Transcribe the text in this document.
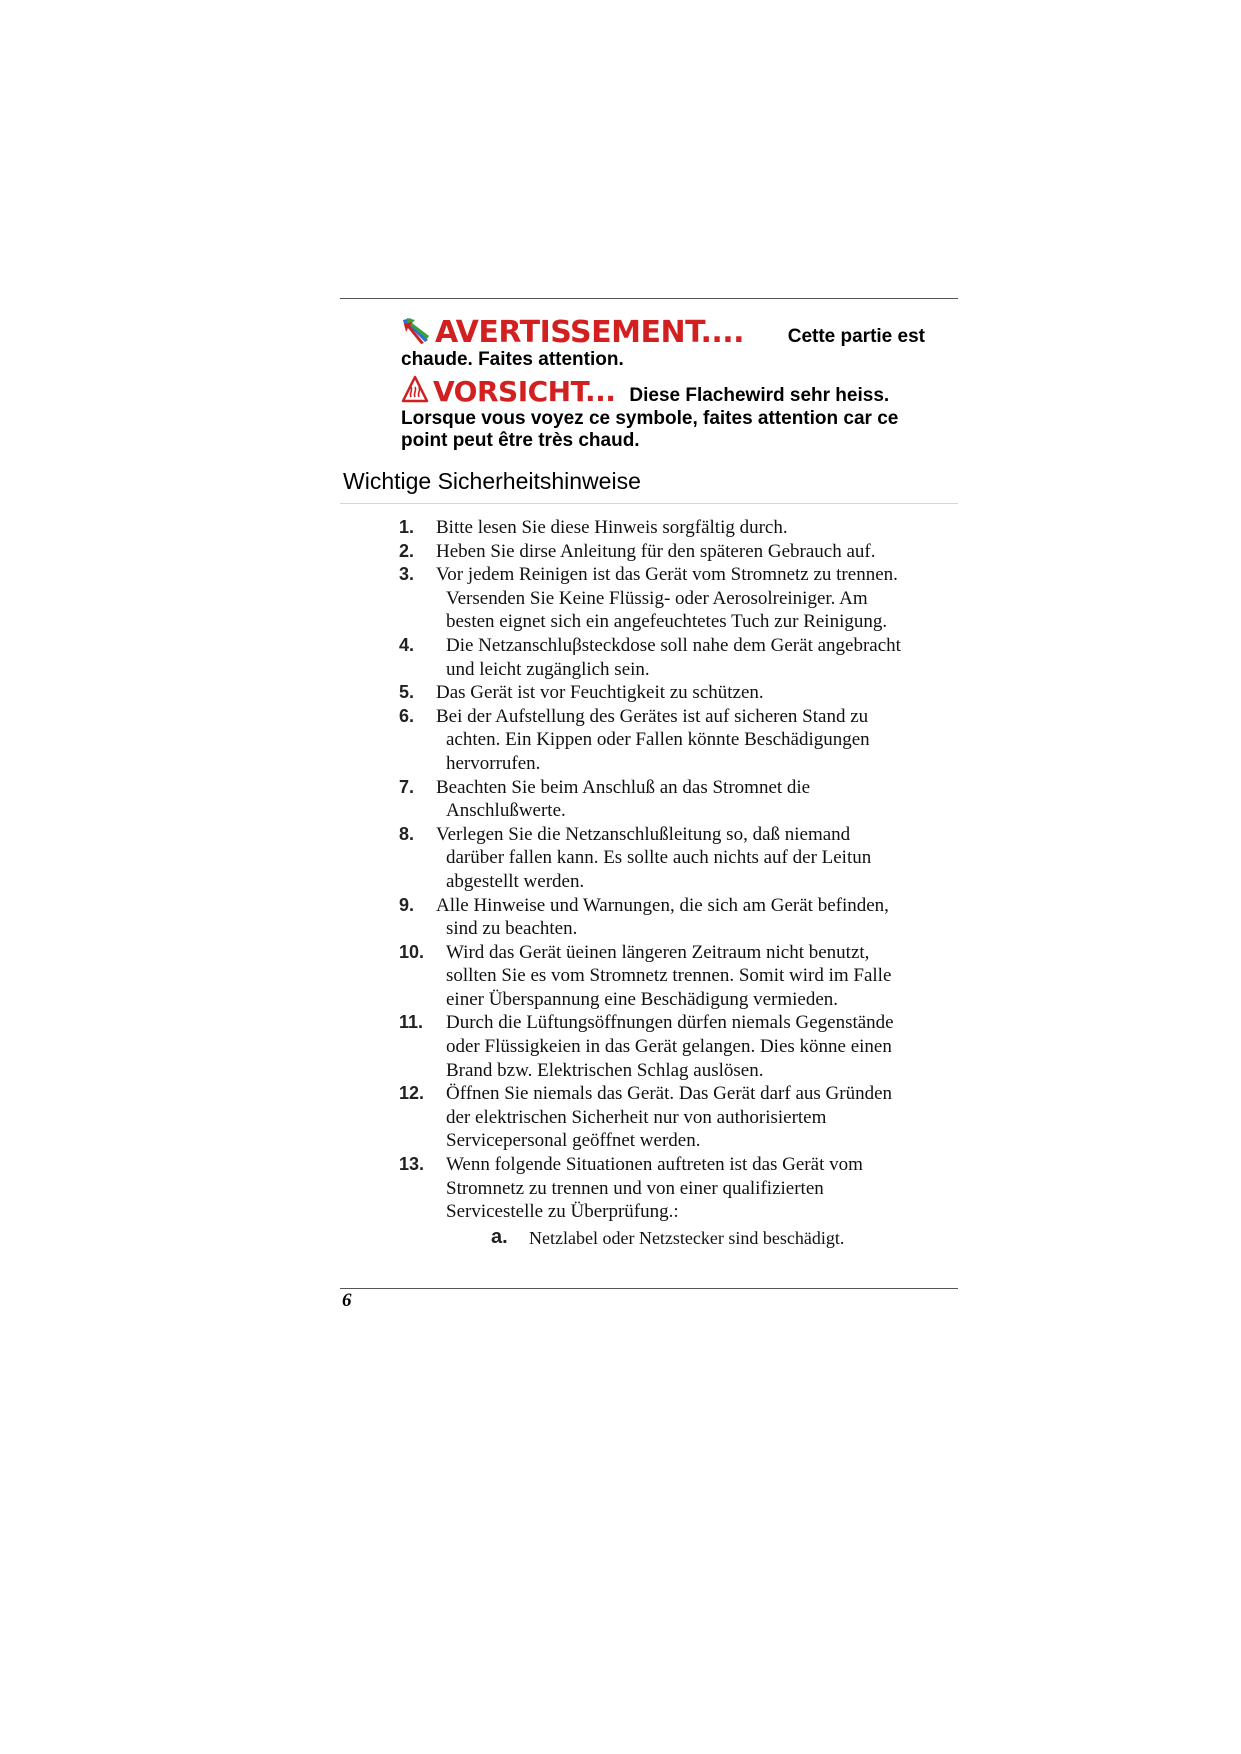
AVERTISSEMENT.... Cette partie est
chaude. Faites attention.
VORSICHT... Diese Flachewird sehr heiss.
Lorsque vous voyez ce symbole, faites attention car ce
point peut être très chaud.
Wichtige Sicherheitshinweise
1. Bitte lesen Sie diese Hinweis sorgfältig durch.
2. Heben Sie dirse Anleitung für den späteren Gebrauch auf.
3. Vor jedem Reinigen ist das Gerät vom Stromnetz zu trennen.
Versenden Sie Keine Flüssig- oder Aerosolreiniger. Am
besten eignet sich ein angefeuchtetes Tuch zur Reinigung.
4.	Die Netzanschluβsteckdose soll nahe dem Gerät angebracht
und leicht zugänglich sein.
5. Das Gerät ist vor Feuchtigkeit zu schützen.
6. Bei der Aufstellung des Gerätes ist auf sicheren Stand zu
achten. Ein Kippen oder Fallen könnte Beschädigungen
hervorrufen.
7. Beachten Sie beim Anschluß an das Stromnet die
Anschlußwerte.
8. Verlegen Sie die Netzanschlußleitung so, daß niemand
darüber fallen kann. Es sollte auch nichts auf der Leitun
abgestellt werden.
9. Alle Hinweise und Warnungen, die sich am Gerät befinden,
sind zu beachten.
10.	Wird das Gerät üeinen längeren Zeitraum nicht benutzt,
sollten Sie es vom Stromnetz trennen. Somit wird im Falle
einer Überspannung eine Beschädigung vermieden.
11.	Durch die Lüftungsöffnungen dürfen niemals Gegenstände
oder Flüssigkeien in das Gerät gelangen. Dies könne einen
Brand bzw. Elektrischen Schlag auslösen.
12.	Öffnen Sie niemals das Gerät. Das Gerät darf aus Gründen
der elektrischen Sicherheit nur von authorisiertem
Servicepersonal geöffnet werden.
13.	Wenn folgende Situationen auftreten ist das Gerät vom
Stromnetz zu trennen und von einer qualifizierten
Servicestelle zu Überprüfung.:
a. Netzlabel oder Netzstecker sind beschädigt.
6
